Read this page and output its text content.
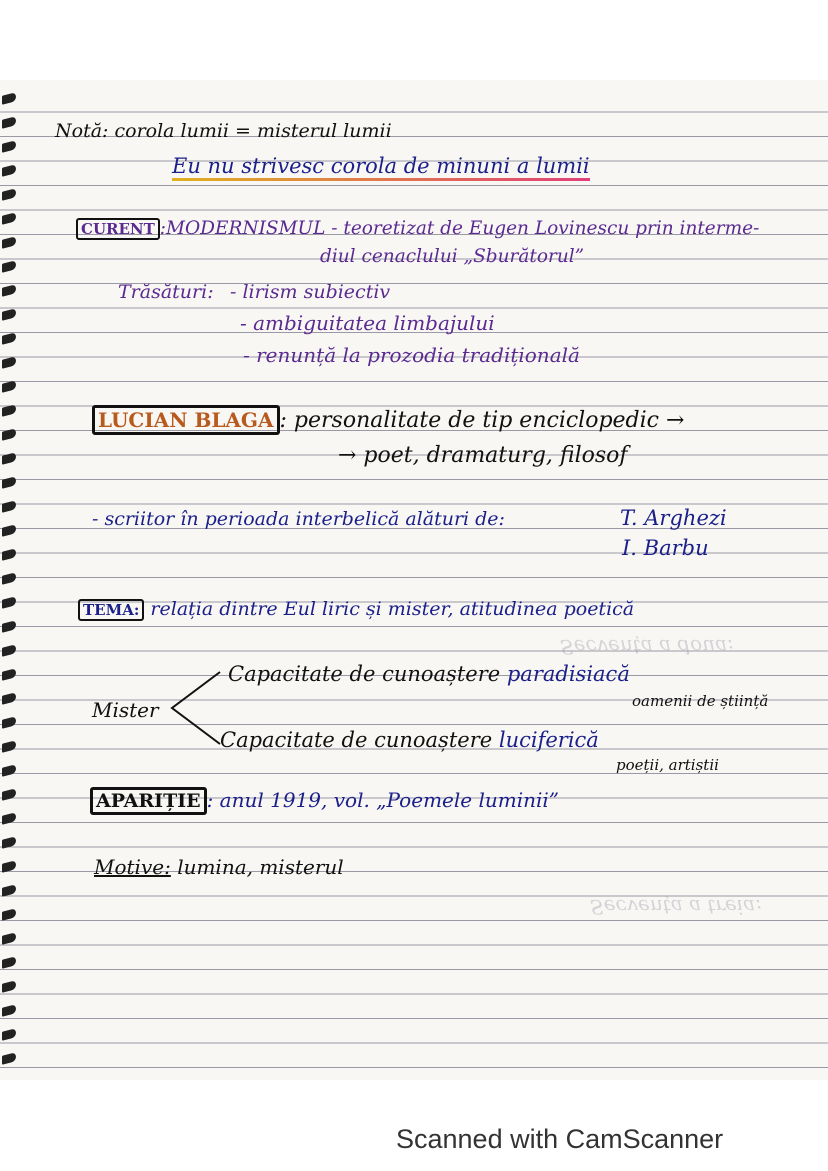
Secvența a doua:
Secvența a treia:
Notă: corola lumii = misterul lumii
Eu nu strivesc corola de minuni a lumii
CURENT :MODERNISMUL - teoretizat de Eugen Lovinescu prin interme-
diul cenaclului „Sburătorul”
Trăsături: - lirism subiectiv
- ambiguitatea limbajului
- renunță la prozodia tradițională
LUCIAN BLAGA : personalitate de tip enciclopedic →
→ poet, dramaturg, filosof
- scriitor în perioada interbelică alături de:	T. Arghezi
I. Barbu
TEMA: relația dintre Eul liric și mister, atitudinea poetică
Mister
Capacitate de cunoaștere paradisiacă
oamenii de știință
Capacitate de cunoaștere luciferică
poeții, artiștii
APARIȚIE : anul 1919, vol. „Poemele luminii”
Motive: lumina, misterul
Scanned with CamScanner
